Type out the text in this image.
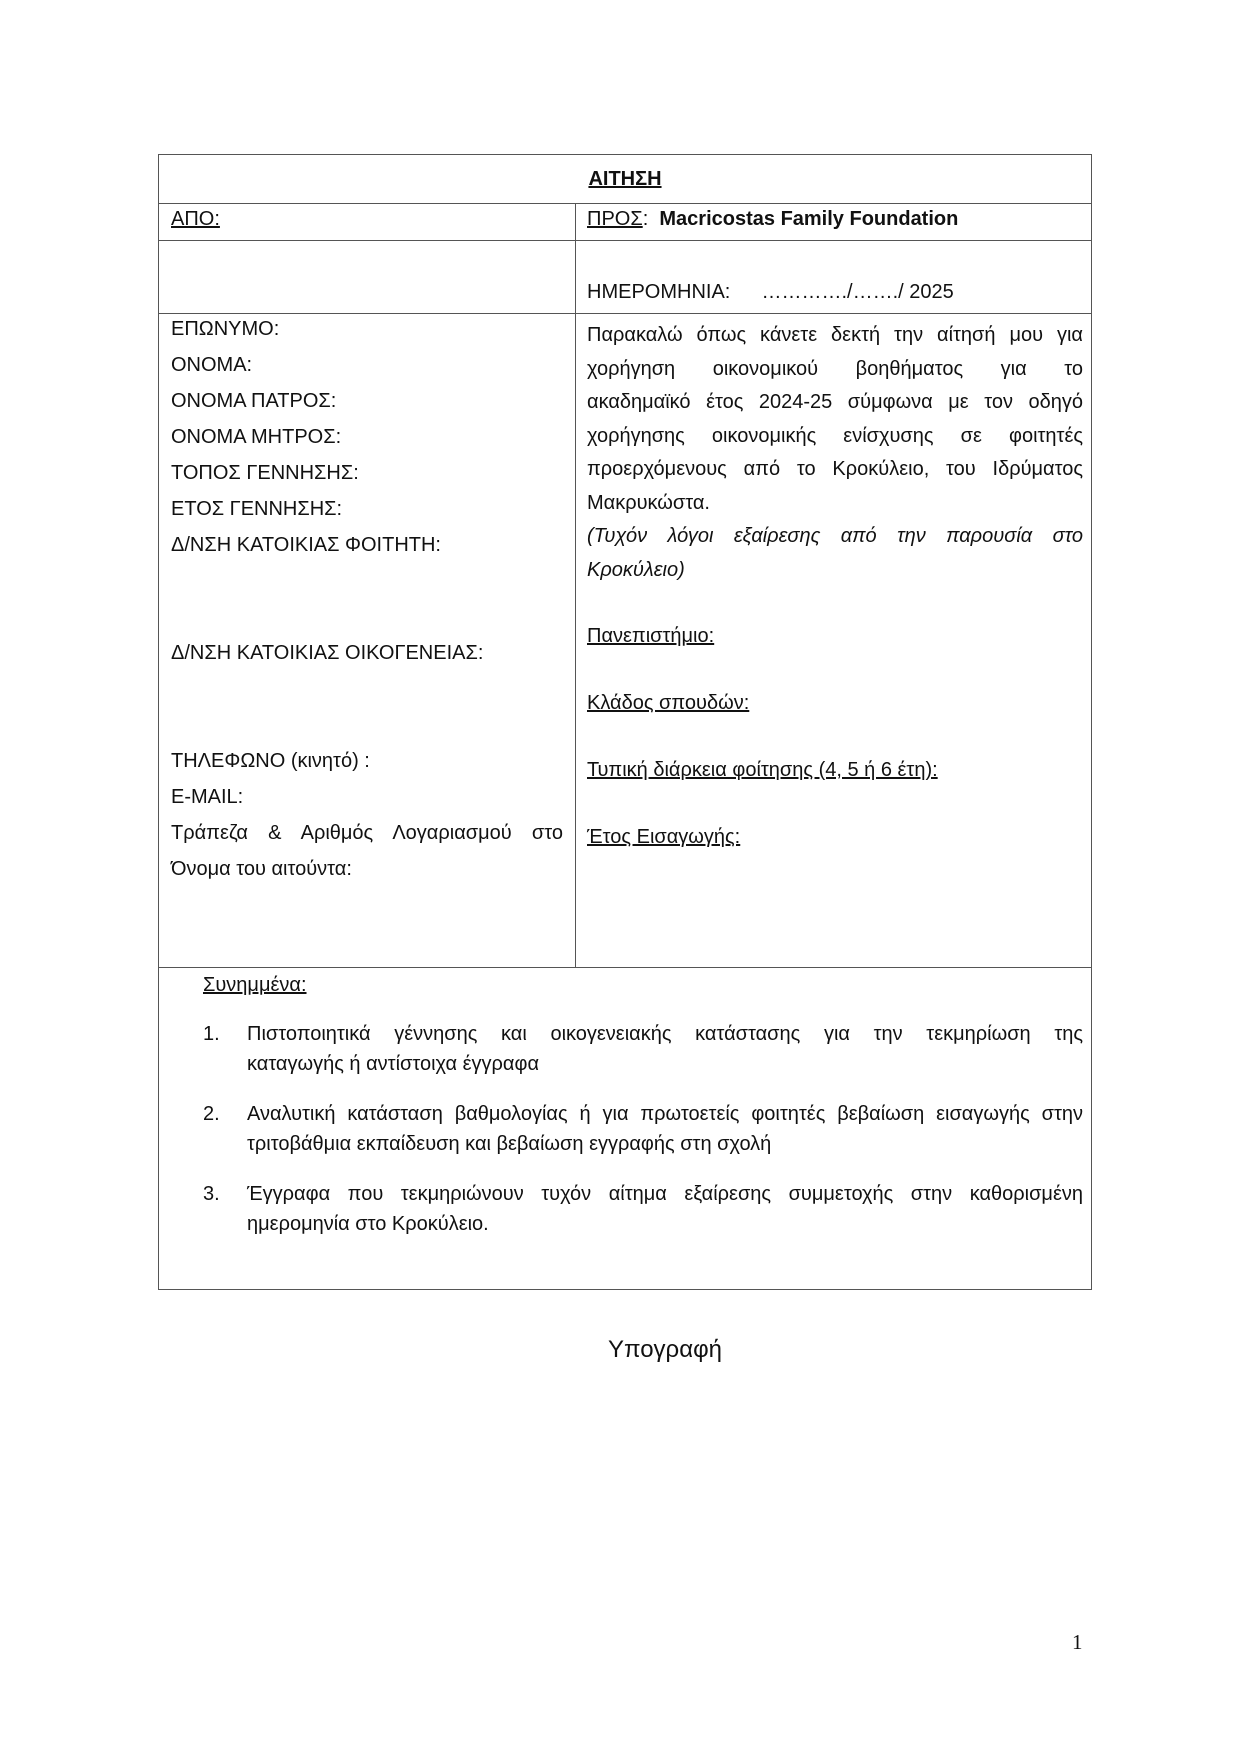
ΑΙΤΗΣΗ
ΑΠΟ:	ΠΡΟΣ: Macricostas Family Foundation
ΗΜΕΡΟΜΗΝΙΑ: …………./……./ 2025
ΕΠΩΝΥΜΟ:
ΟΝΟΜΑ:
ΟΝΟΜΑ ΠΑΤΡΟΣ:
ΟΝΟΜΑ ΜΗΤΡΟΣ:
ΤΟΠΟΣ ΓΕΝΝΗΣΗΣ:
ΕΤΟΣ ΓΕΝΝΗΣΗΣ:
Δ/ΝΣΗ ΚΑΤΟΙΚΙΑΣ ΦΟΙΤΗΤΗ:
Δ/ΝΣΗ ΚΑΤΟΙΚΙΑΣ ΟΙΚΟΓΕΝΕΙΑΣ:
ΤΗΛΕΦΩΝΟ (κινητό) :
E-MAIL:
Τράπεζα & Αριθμός Λογαριασμού στο
Όνομα του αιτούντα:
Παρακαλώ όπως κάνετε δεκτή την αίτησή μου για
χορήγηση οικονομικού βοηθήματος για το
ακαδημαϊκό έτος 2024-25 σύμφωνα με τον οδηγό
χορήγησης οικονομικής ενίσχυσης σε φοιτητές
προερχόμενους από το Κροκύλειο, του Ιδρύματος
Μακρυκώστα.
(Τυχόν λόγοι εξαίρεσης από την παρουσία στο
Κροκύλειο)
Πανεπιστήμιο:
Κλάδος σπουδών:
Τυπική διάρκεια φοίτησης (4, 5 ή 6 έτη):
Έτος Εισαγωγής:
Συνημμένα:
1. Πιστοποιητικά γέννησης και οικογενειακής κατάστασης για την τεκμηρίωση της
καταγωγής ή αντίστοιχα έγγραφα
2. Αναλυτική κατάσταση βαθμολογίας ή για πρωτοετείς φοιτητές βεβαίωση εισαγωγής στην
τριτοβάθμια εκπαίδευση και βεβαίωση εγγραφής στη σχολή
3. Έγγραφα που τεκμηριώνουν τυχόν αίτημα εξαίρεσης συμμετοχής στην καθορισμένη
ημερομηνία στο Κροκύλειο.
Υπογραφή
1
